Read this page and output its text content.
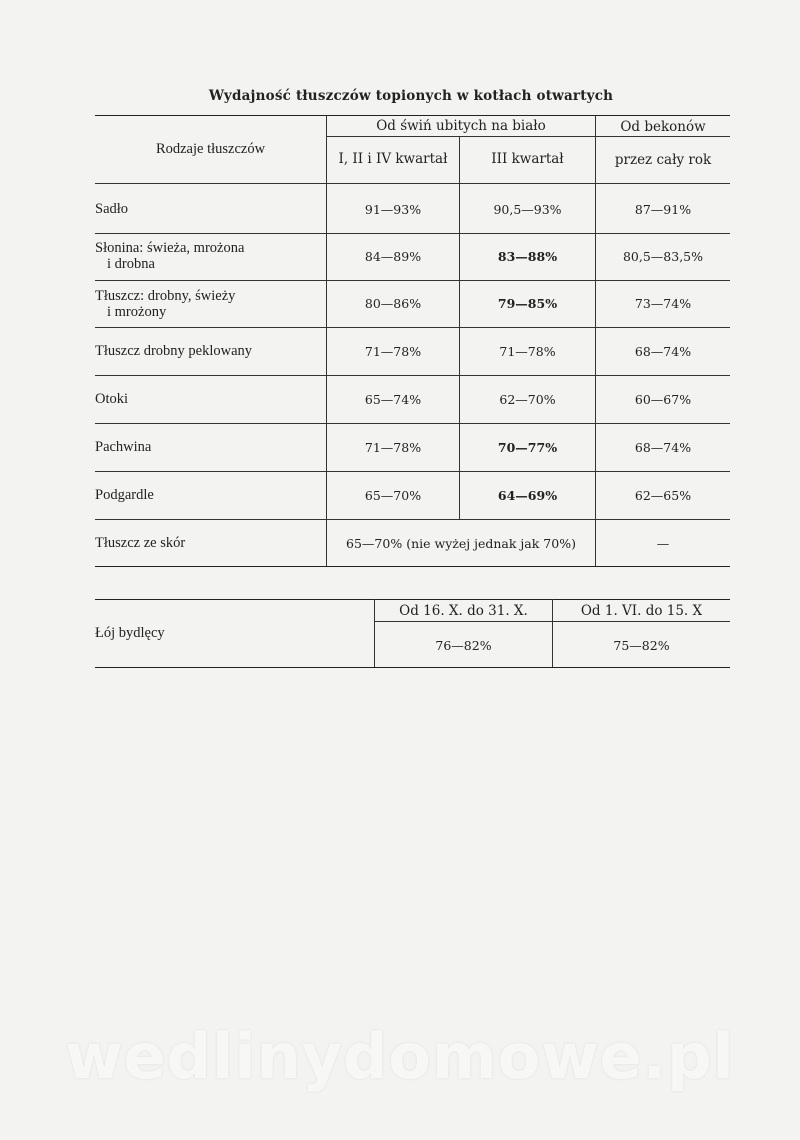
Wydajność tłuszczów topionych w kotłach otwartych
Rodzaje tłuszczów
Od świń ubitych na biało	Od bekonów
I, II i IV kwartał	III kwartał	przez cały rok
Sadło	91—93%	90,5—93%	87—91%
Słonina: świeża, mrożona
i drobna	84—89%	83—88%	80,5—83,5%
Tłuszcz: drobny, świeży
i mrożony
80—86%	79—85%	73—74%
Tłuszcz drobny peklowany	71—78%	71—78%	68—74%
Otoki	65—74%	62—70%	60—67%
Pachwina	71—78%	70—77%	68—74%
Podgardle	65—70%	64—69%	62—65%
Tłuszcz ze skór	65—70% (nie wyżej jednak jak 70%)	—
Łój bydlęcy
Od 16. X. do 31. X.	Od 1. VI. do 15. X
76—82%	75—82%
wedlinydomowe.pl
